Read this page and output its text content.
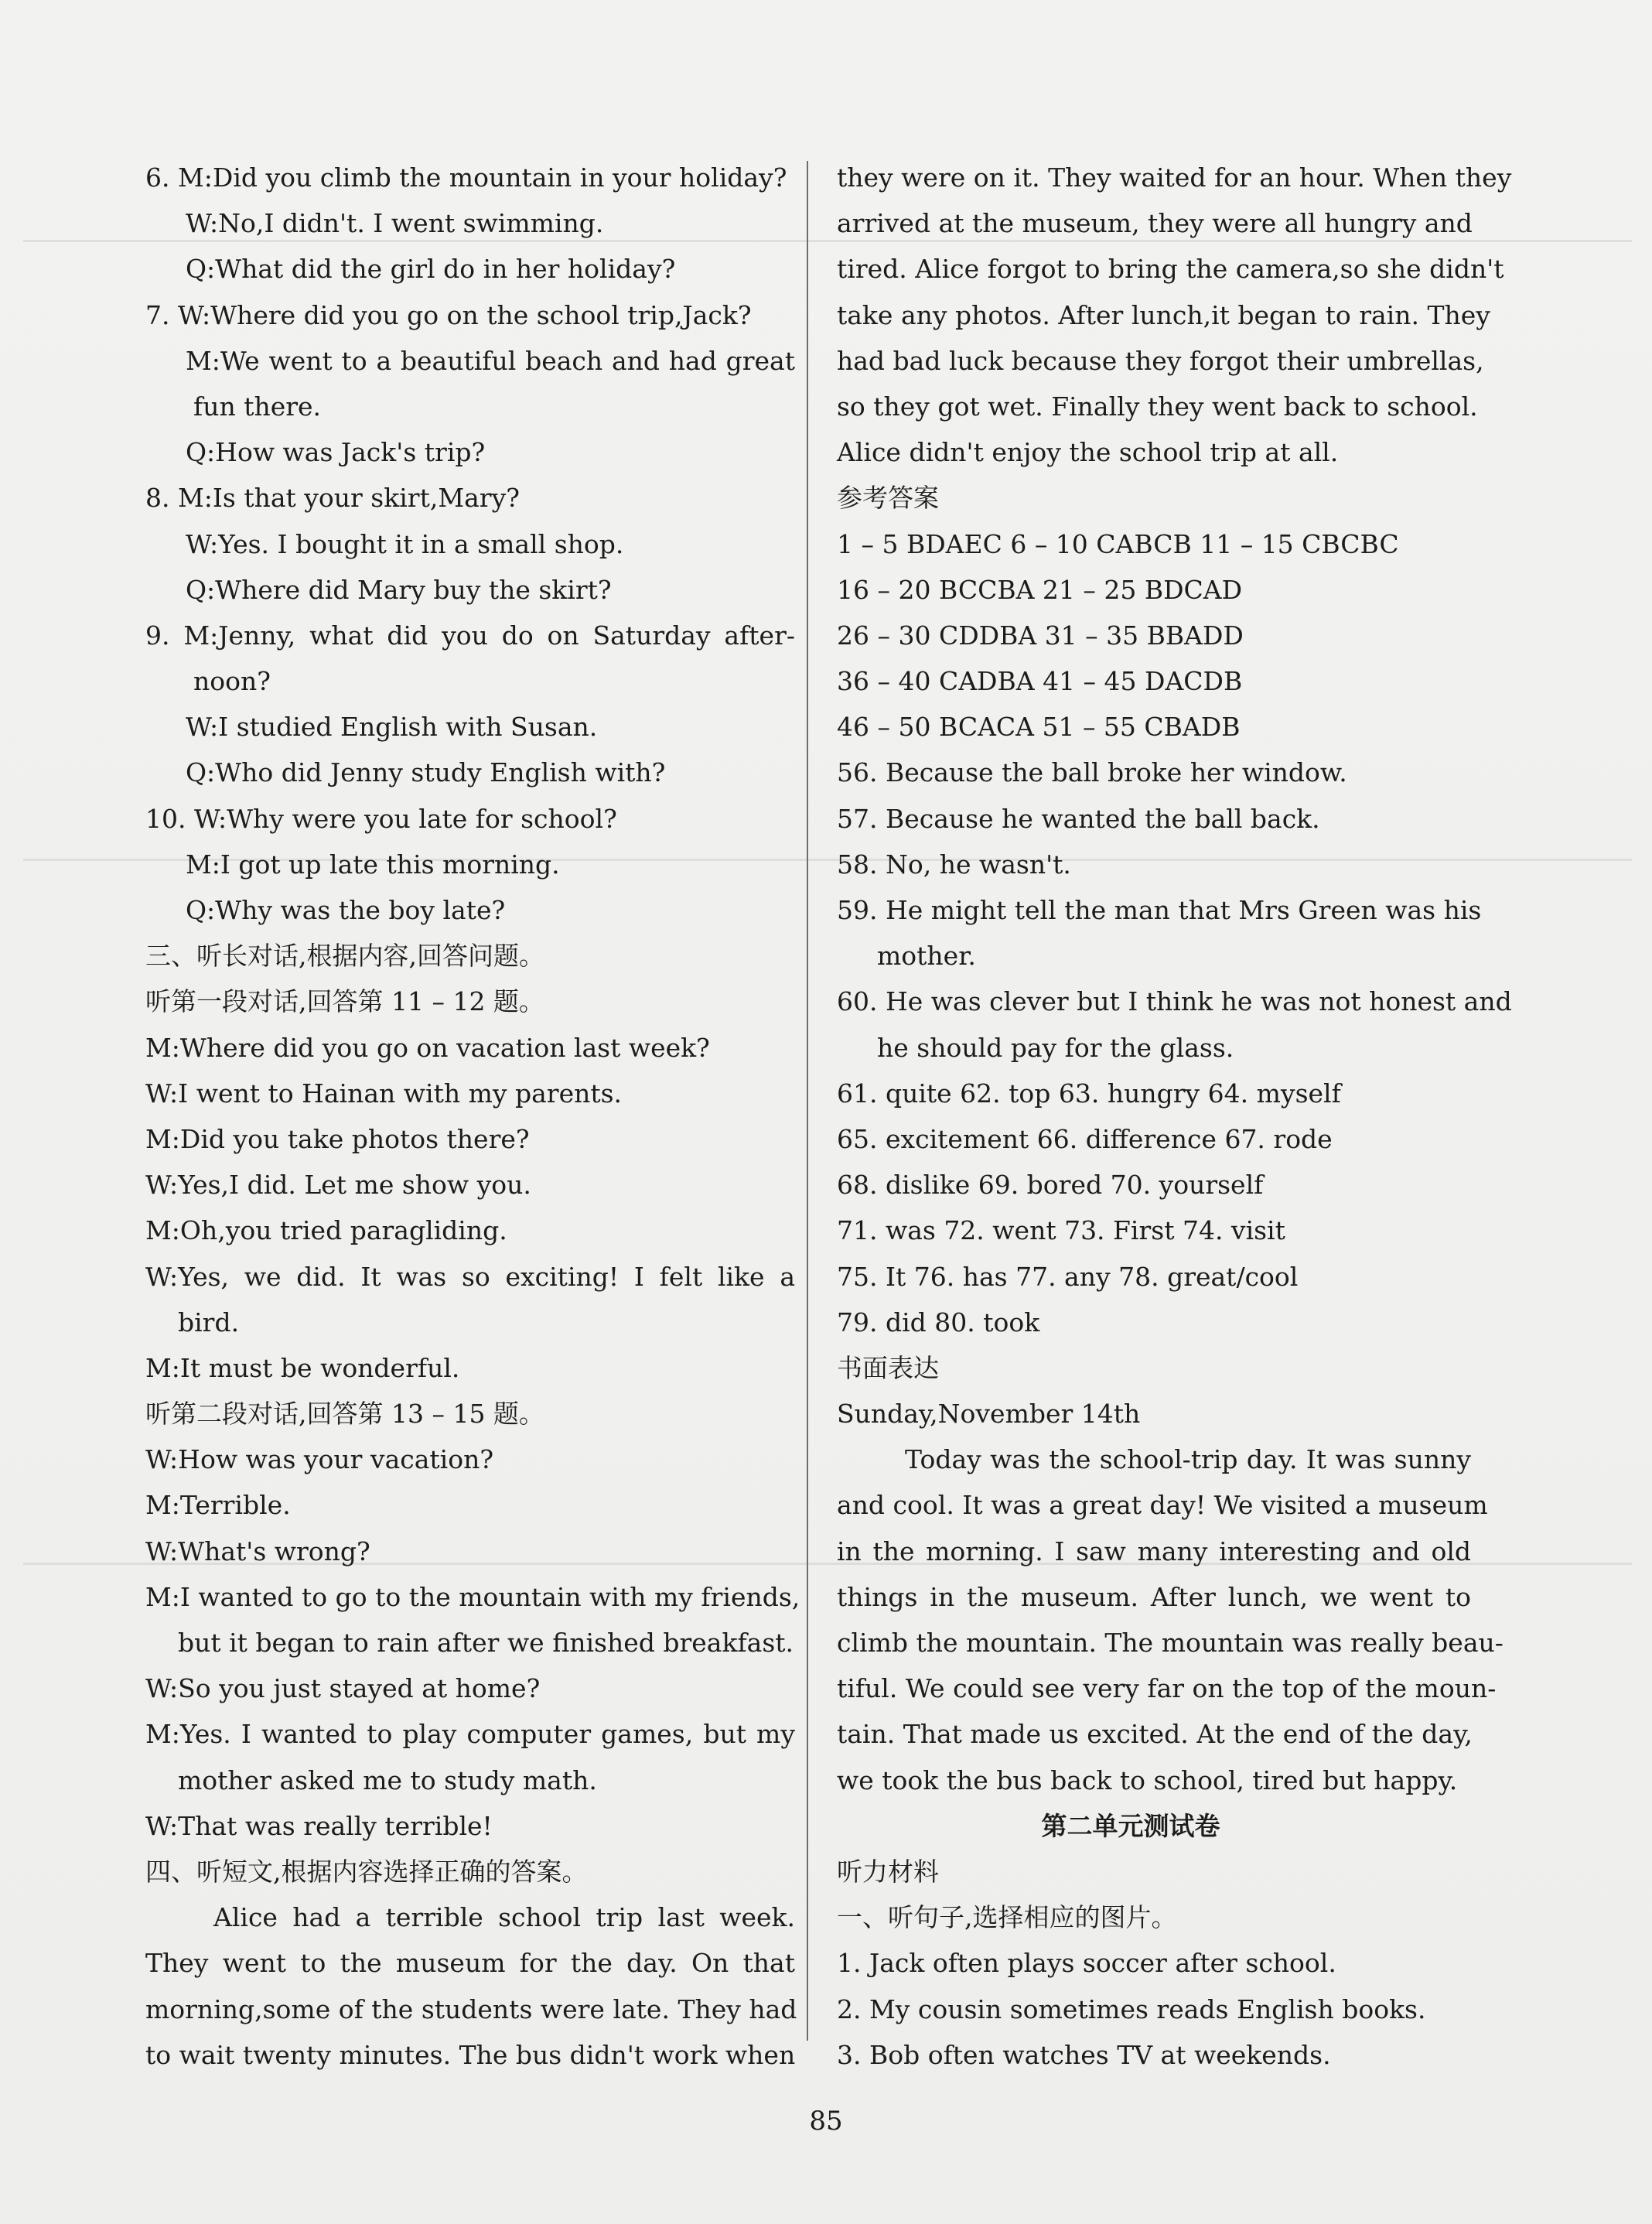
6. M:Did you climb the mountain in your holiday?
W:No,I didn't. I went swimming.
Q:What did the girl do in her holiday?
7. W:Where did you go on the school trip,Jack?
M:We went to a beautiful beach and had great
fun there.
Q:How was Jack's trip?
8. M:Is that your skirt,Mary?
W:Yes. I bought it in a small shop.
Q:Where did Mary buy the skirt?
9. M:Jenny, what did you do on Saturday after-
noon?
W:I studied English with Susan.
Q:Who did Jenny study English with?
10. W:Why were you late for school?
M:I got up late this morning.
Q:Why was the boy late?
三、听长对话,根据内容,回答问题。
听第一段对话,回答第 11 – 12 题。
M:Where did you go on vacation last week?
W:I went to Hainan with my parents.
M:Did you take photos there?
W:Yes,I did. Let me show you.
M:Oh,you tried paragliding.
W:Yes, we did. It was so exciting! I felt like a
bird.
M:It must be wonderful.
听第二段对话,回答第 13 – 15 题。
W:How was your vacation?
M:Terrible.
W:What's wrong?
M:I wanted to go to the mountain with my friends,
but it began to rain after we finished breakfast.
W:So you just stayed at home?
M:Yes. I wanted to play computer games, but my
mother asked me to study math.
W:That was really terrible!
四、听短文,根据内容选择正确的答案。
Alice had a terrible school trip last week.
They went to the museum for the day. On that
morning,some of the students were late. They had
to wait twenty minutes. The bus didn't work when
they were on it. They waited for an hour. When they
arrived at the museum, they were all hungry and
tired. Alice forgot to bring the camera,so she didn't
take any photos. After lunch,it began to rain. They
had bad luck because they forgot their umbrellas,
so they got wet. Finally they went back to school.
Alice didn't enjoy the school trip at all.
参考答案
1 – 5 BDAEC 6 – 10 CABCB 11 – 15 CBCBC
16 – 20 BCCBA 21 – 25 BDCAD
26 – 30 CDDBA 31 – 35 BBADD
36 – 40 CADBA 41 – 45 DACDB
46 – 50 BCACA 51 – 55 CBADB
56. Because the ball broke her window.
57. Because he wanted the ball back.
58. No, he wasn't.
59. He might tell the man that Mrs Green was his
mother.
60. He was clever but I think he was not honest and
he should pay for the glass.
61. quite 62. top 63. hungry 64. myself
65. excitement 66. difference 67. rode
68. dislike 69. bored 70. yourself
71. was 72. went 73. First 74. visit
75. It 76. has 77. any 78. great/cool
79. did 80. took
书面表达
Sunday,November 14th
Today was the school-trip day. It was sunny
and cool. It was a great day! We visited a museum
in the morning. I saw many interesting and old
things in the museum. After lunch, we went to
climb the mountain. The mountain was really beau-
tiful. We could see very far on the top of the moun-
tain. That made us excited. At the end of the day,
we took the bus back to school, tired but happy.
第二单元测试卷
听力材料
一、听句子,选择相应的图片。
1. Jack often plays soccer after school.
2. My cousin sometimes reads English books.
3. Bob often watches TV at weekends.
85
